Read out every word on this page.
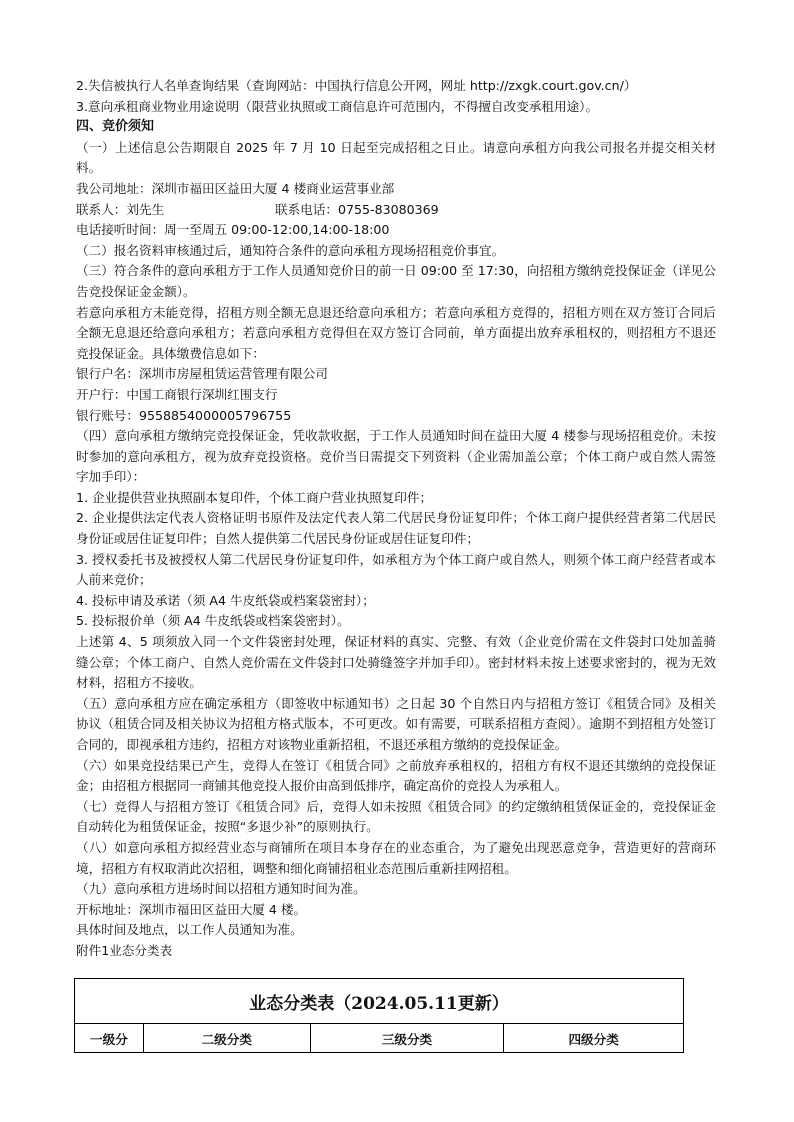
2.失信被执行人名单查询结果（查询网站：中国执行信息公开网，网址 http://zxgk.court.gov.cn/）
3.意向承租商业物业用途说明（限营业执照或工商信息许可范围内，不得擅自改变承租用途）。
四、竞价须知
（一）上述信息公告期限自 2025 年 7 月 10 日起至完成招租之日止。请意向承租方向我公司报名并提交相关材料。
我公司地址：深圳市福田区益田大厦 4 楼商业运营事业部
联系人：刘先生	联系电话：0755-83080369
电话接听时间：周一至周五 09:00-12:00,14:00-18:00
（二）报名资料审核通过后，通知符合条件的意向承租方现场招租竞价事宜。
（三）符合条件的意向承租方于工作人员通知竞价日的前一日 09:00 至 17:30，向招租方缴纳竞投保证金（详见公告竞投保证金金额）。
若意向承租方未能竞得，招租方则全额无息退还给意向承租方；若意向承租方竞得的，招租方则在双方签订合同后全额无息退还给意向承租方；若意向承租方竞得但在双方签订合同前，单方面提出放弃承租权的，则招租方不退还竞投保证金。具体缴费信息如下：
银行户名：深圳市房屋租赁运营管理有限公司
开户行：中国工商银行深圳红围支行
银行账号：9558854000005796755
（四）意向承租方缴纳完竞投保证金，凭收款收据，于工作人员通知时间在益田大厦 4 楼参与现场招租竞价。未按时参加的意向承租方，视为放弃竞投资格。竞价当日需提交下列资料（企业需加盖公章；个体工商户或自然人需签字加手印）：
1. 企业提供营业执照副本复印件，个体工商户营业执照复印件；
2. 企业提供法定代表人资格证明书原件及法定代表人第二代居民身份证复印件；个体工商户提供经营者第二代居民身份证或居住证复印件；自然人提供第二代居民身份证或居住证复印件；
3. 授权委托书及被授权人第二代居民身份证复印件，如承租方为个体工商户或自然人，则须个体工商户经营者或本人前来竞价；
4. 投标申请及承诺（须 A4 牛皮纸袋或档案袋密封）；
5. 投标报价单（须 A4 牛皮纸袋或档案袋密封）。
上述第 4、5 项须放入同一个文件袋密封处理，保证材料的真实、完整、有效（企业竞价需在文件袋封口处加盖骑缝公章；个体工商户、自然人竞价需在文件袋封口处骑缝签字并加手印）。密封材料未按上述要求密封的，视为无效材料，招租方不接收。
（五）意向承租方应在确定承租方（即签收中标通知书）之日起 30 个自然日内与招租方签订《租赁合同》及相关协议（租赁合同及相关协议为招租方格式版本，不可更改。如有需要，可联系招租方查阅）。逾期不到招租方处签订合同的，即视承租方违约，招租方对该物业重新招租，不退还承租方缴纳的竞投保证金。
（六）如果竞投结果已产生，竞得人在签订《租赁合同》之前放弃承租权的，招租方有权不退还其缴纳的竞投保证金；由招租方根据同一商铺其他竞投人报价由高到低排序，确定高价的竞投人为承租人。
（七）竞得人与招租方签订《租赁合同》后，竞得人如未按照《租赁合同》的约定缴纳租赁保证金的，竞投保证金自动转化为租赁保证金，按照“多退少补”的原则执行。
（八）如意向承租方拟经营业态与商铺所在项目本身存在的业态重合，为了避免出现恶意竞争，营造更好的营商环境，招租方有权取消此次招租，调整和细化商铺招租业态范围后重新挂网招租。
（九）意向承租方进场时间以招租方通知时间为准。
开标地址：深圳市福田区益田大厦 4 楼。
具体时间及地点，以工作人员通知为准。
附件1业态分类表
业态分类表（2024.05.11更新）
一级分	二级分类	三级分类	四级分类
